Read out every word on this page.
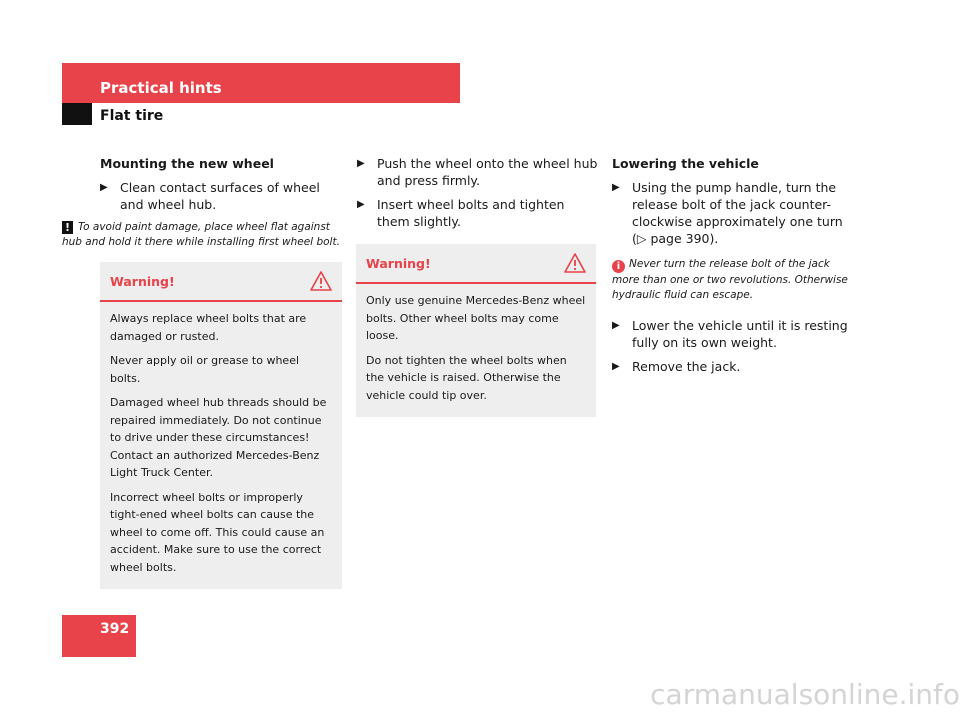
Practical hints
Flat tire

Mounting the new wheel

▶ Clean contact surfaces of wheel and wheel hub.

! To avoid paint damage, place wheel flat against hub and hold it there while installing first wheel bolt.

Warning!

Always replace wheel bolts that are damaged or rusted.

Never apply oil or grease to wheel bolts.

Damaged wheel hub threads should be repaired immediately. Do not continue to drive under these circumstances! Contact an authorized Mercedes-Benz Light Truck Center.

Incorrect wheel bolts or improperly tight-ened wheel bolts can cause the wheel to come off. This could cause an accident. Make sure to use the correct wheel bolts.

▶ Push the wheel onto the wheel hub and press firmly.
▶ Insert wheel bolts and tighten them slightly.
Warning!

Only use genuine Mercedes-Benz wheel bolts. Other wheel bolts may come loose.

Do not tighten the wheel bolts when the vehicle is raised. Otherwise the vehicle could tip over.

Lowering the vehicle

▶ Using the pump handle, turn the release bolt of the jack counter-clockwise approximately one turn (▷ page 390).

i Never turn the release bolt of the jack more than one or two revolutions. Otherwise hydraulic fluid can escape.

▶ Lower the vehicle until it is resting fully on its own weight.
▶ Remove the jack.
392
carmanualsonline.info
